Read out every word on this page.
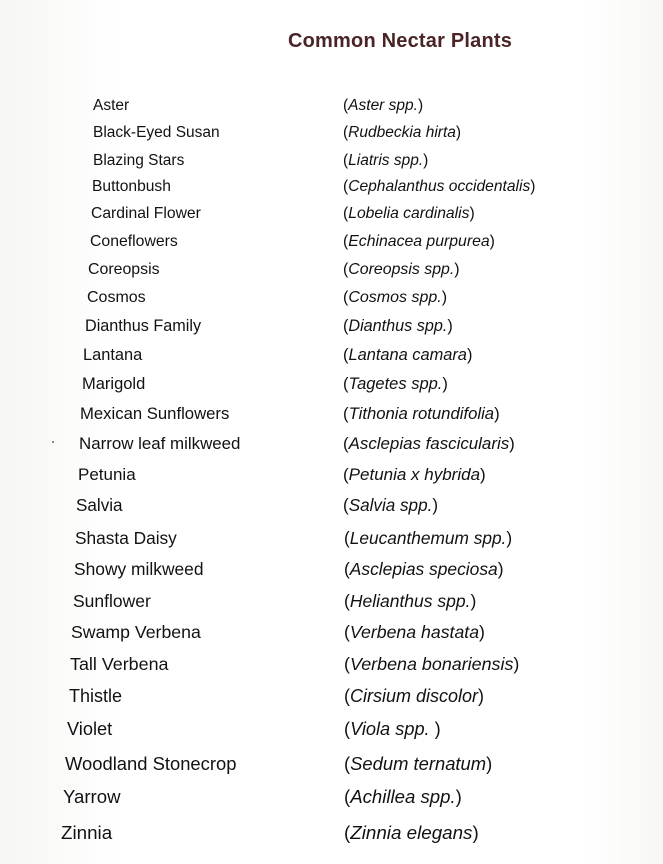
Common Nectar Plants
Aster	(Aster spp.)
Black-Eyed Susan	(Rudbeckia hirta)
Blazing Stars	(Liatris spp.)
Buttonbush	(Cephalanthus occidentalis)
Cardinal Flower	(Lobelia cardinalis)
Coneflowers	(Echinacea purpurea)
Coreopsis	(Coreopsis spp.)
Cosmos	(Cosmos spp.)
Dianthus Family	(Dianthus spp.)
Lantana	(Lantana camara)
Marigold	(Tagetes spp.)
Mexican Sunflowers	(Tithonia rotundifolia)
Narrow leaf milkweed	(Asclepias fascicularis)
Petunia	(Petunia x hybrida)
Salvia	(Salvia spp.)
Shasta Daisy	(Leucanthemum spp.)
Showy milkweed	(Asclepias speciosa)
Sunflower	(Helianthus spp.)
Swamp Verbena	(Verbena hastata)
Tall Verbena	(Verbena bonariensis)
Thistle	(Cirsium discolor)
Violet	(Viola spp. )
Woodland Stonecrop	(Sedum ternatum)
Yarrow	(Achillea spp.)
Zinnia	(Zinnia elegans)
